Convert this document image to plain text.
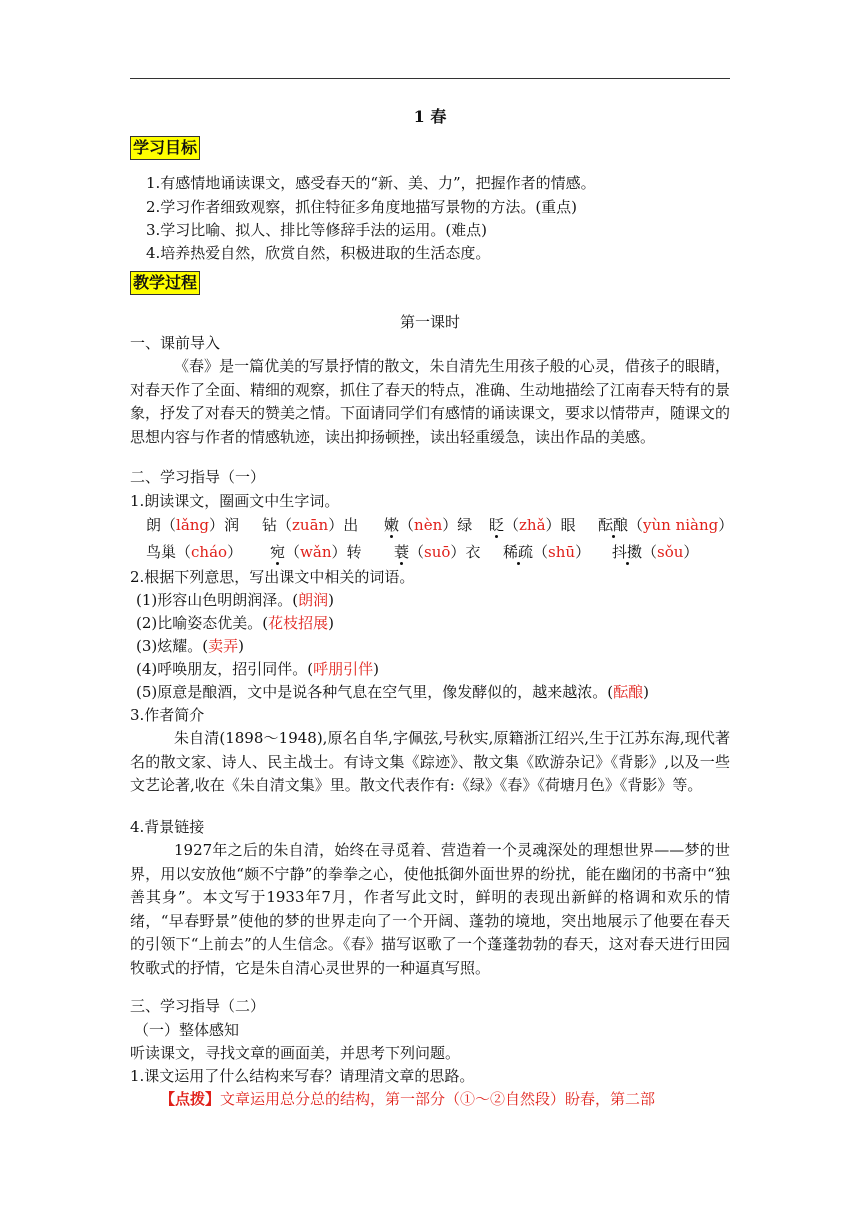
1 春
学习目标
1.有感情地诵读课文，感受春天的“新、美、力”，把握作者的情感。
2.学习作者细致观察，抓住特征多角度地描写景物的方法。(重点)
3.学习比喻、拟人、排比等修辞手法的运用。(难点)
4.培养热爱自然，欣赏自然，积极进取的生活态度。
教学过程
第一课时
一、课前导入
《春》是一篇优美的写景抒情的散文，朱自清先生用孩子般的心灵，借孩子的眼睛，对春天作了全面、精细的观察，抓住了春天的特点，准确、生动地描绘了江南春天特有的景象，抒发了对春天的赞美之情。下面请同学们有感情的诵读课文，要求以情带声，随课文的思想内容与作者的情感轨迹，读出抑扬顿挫，读出轻重缓急，读出作品的美感。
二、学习指导（一）
1.朗读课文，圈画文中生字词。
朗（lǎng）润 钻（zuān）出 嫩（nèn）绿 眨（zhǎ）眼 酝酿（yùn niàng）
鸟巢（cháo） 宛（wǎn）转 蓑（suō）衣 稀疏（shū） 抖擞（sǒu）
2.根据下列意思，写出课文中相关的词语。
(1)形容山色明朗润泽。(朗润)
(2)比喻姿态优美。(花枝招展)
(3)炫耀。(卖弄)
(4)呼唤朋友，招引同伴。(呼朋引伴)
(5)原意是酿酒，文中是说各种气息在空气里，像发酵似的，越来越浓。(酝酿)
3.作者简介
朱自清(1898～1948),原名自华,字佩弦,号秋实,原籍浙江绍兴,生于江苏东海,现代著名的散文家、诗人、民主战士。有诗文集《踪迹》、散文集《欧游杂记》《背影》,以及一些文艺论著,收在《朱自清文集》里。散文代表作有:《绿》《春》《荷塘月色》《背影》等。
4.背景链接
1927年之后的朱自清，始终在寻觅着、营造着一个灵魂深处的理想世界——梦的世界，用以安放他“颇不宁静”的拳拳之心，使他抵御外面世界的纷扰，能在幽闭的书斋中“独善其身”。本文写于1933年7月，作者写此文时，鲜明的表现出新鲜的格调和欢乐的情绪，“早春野景”使他的梦的世界走向了一个开阔、蓬勃的境地，突出地展示了他要在春天的引领下“上前去”的人生信念。《春》描写讴歌了一个蓬蓬勃勃的春天，这对春天进行田园牧歌式的抒情，它是朱自清心灵世界的一种逼真写照。
三、学习指导（二）
（一）整体感知
听读课文，寻找文章的画面美，并思考下列问题。
1.课文运用了什么结构来写春？请理清文章的思路。
【点拨】文章运用总分总的结构，第一部分（①～②自然段）盼春，第二部
